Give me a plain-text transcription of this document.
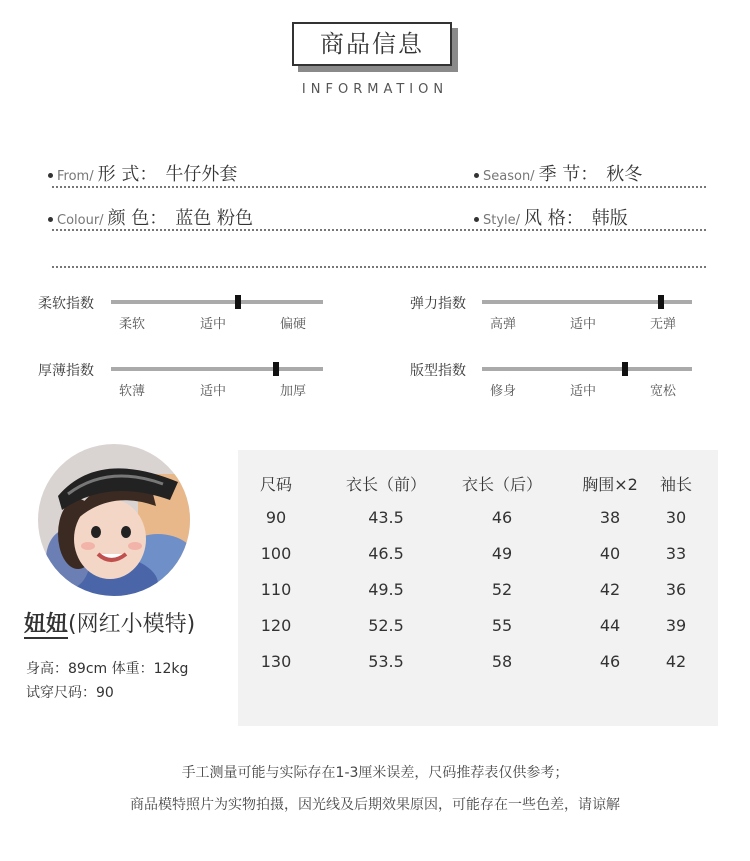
商品信息
INFORMATION
From/ 形 式： 牛仔外套	Season/ 季 节： 秋冬
Colour/ 颜 色： 蓝色 粉色	Style/ 风 格： 韩版
柔软指数
柔软	适中	偏硬
弹力指数
高弹	适中	无弹
厚薄指数
软薄	适中	加厚
版型指数
修身	适中	宽松
妞妞(网红小模特)
身高：89cm 体重：12kg
试穿尺码：90
尺码	衣长（前）	衣长（后）	胸围×2	袖长
90	43.5	46	38	30
100	46.5	49	40	33
110	49.5	52	42	36
120	52.5	55	44	39
130	53.5	58	46	42
手工测量可能与实际存在1-3厘米误差，尺码推荐表仅供参考；
商品模特照片为实物拍摄，因光线及后期效果原因，可能存在一些色差，请谅解
